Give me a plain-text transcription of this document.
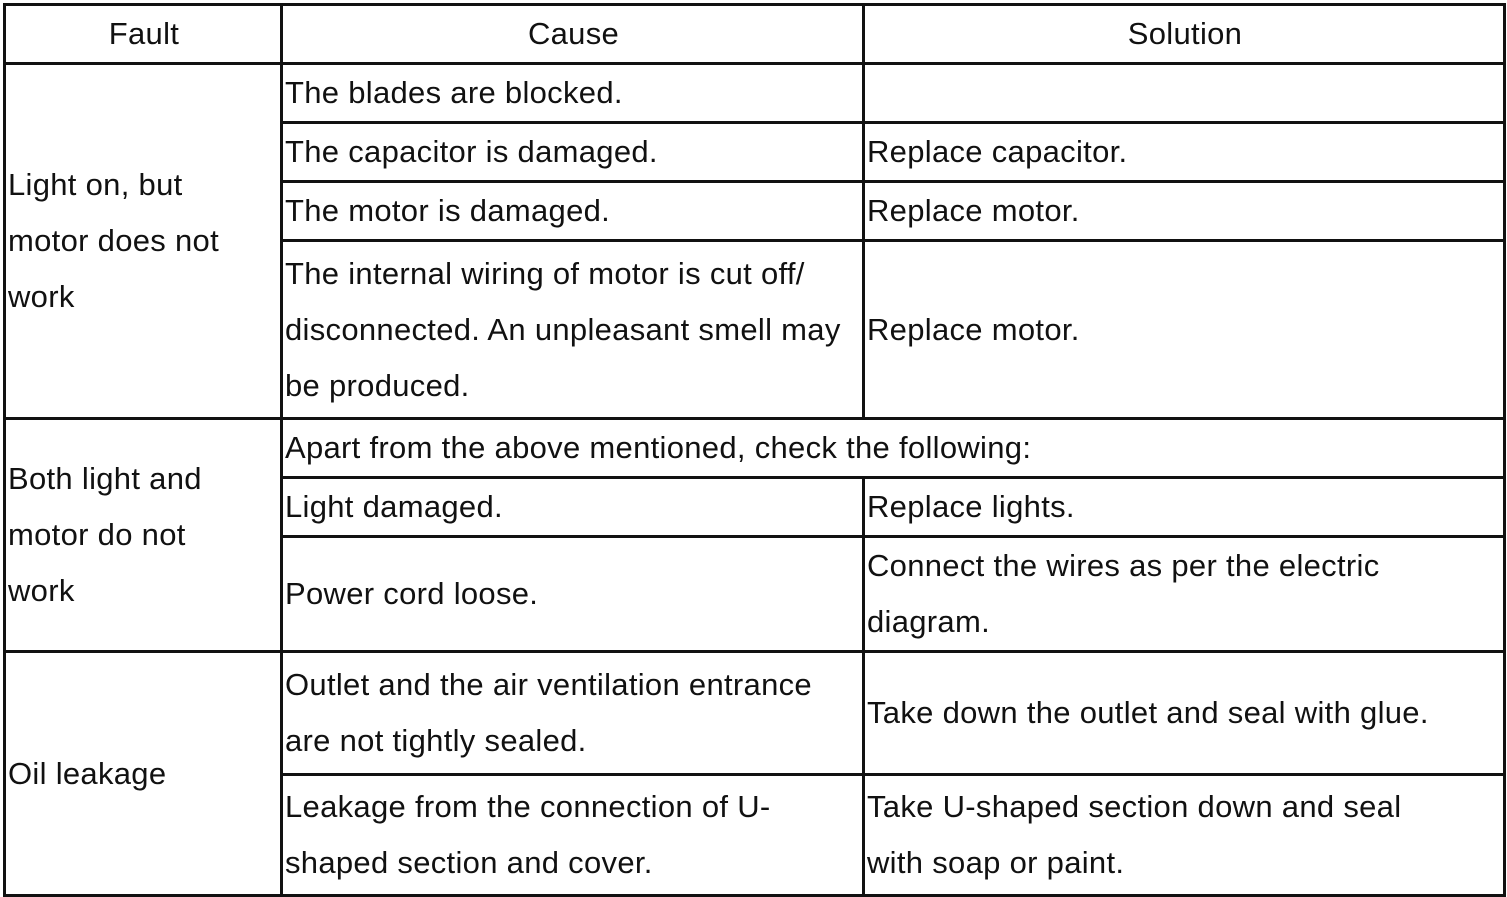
Fault	Cause	Solution
Light on, but motor does not work	The blades are blocked.	
	The capacitor is damaged.	Replace capacitor.
	The motor is damaged.	Replace motor.
	The internal wiring of motor is cut off/ disconnected. An unpleasant smell may be produced.	Replace motor.
Both light and motor do not work	Apart from the above mentioned, check the following:	
	Light damaged.	Replace lights.
	Power cord loose.	Connect the wires as per the electric diagram.
Oil leakage	Outlet and the air ventilation entrance are not tightly sealed.	Take down the outlet and seal with glue.
	Leakage from the connection of U-shaped section and cover.	Take U-shaped section down and seal with soap or paint.
